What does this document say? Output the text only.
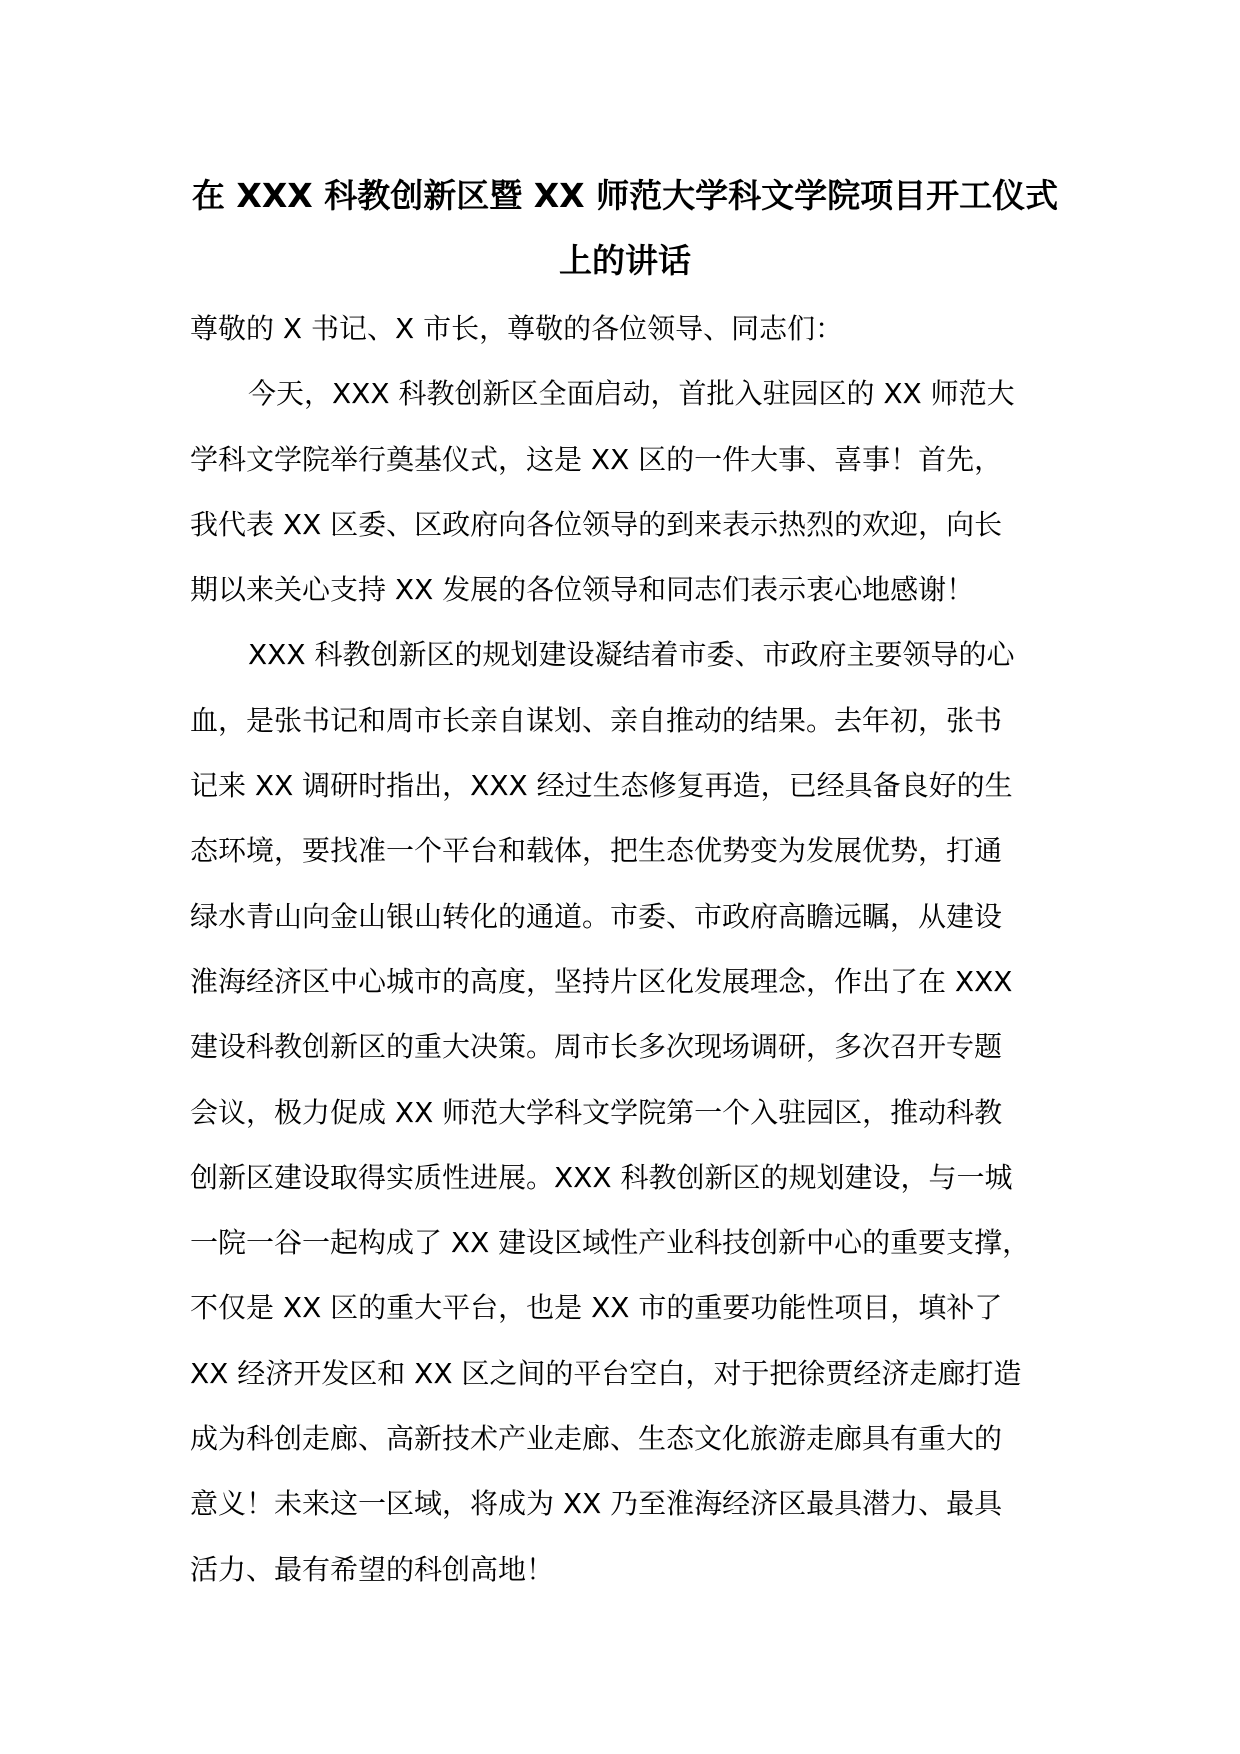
在 XXX 科教创新区暨 XX 师范大学科文学院项目开工仪式
上的讲话
尊敬的 X 书记、X 市长，尊敬的各位领导、同志们：
今天，XXX 科教创新区全面启动，首批入驻园区的 XX 师范大
学科文学院举行奠基仪式，这是 XX 区的一件大事、喜事！首先，
我代表 XX 区委、区政府向各位领导的到来表示热烈的欢迎，向长
期以来关心支持 XX 发展的各位领导和同志们表示衷心地感谢！
XXX 科教创新区的规划建设凝结着市委、市政府主要领导的心
血，是张书记和周市长亲自谋划、亲自推动的结果。去年初，张书
记来 XX 调研时指出，XXX 经过生态修复再造，已经具备良好的生
态环境，要找准一个平台和载体，把生态优势变为发展优势，打通
绿水青山向金山银山转化的通道。市委、市政府高瞻远瞩，从建设
淮海经济区中心城市的高度，坚持片区化发展理念，作出了在 XXX
建设科教创新区的重大决策。周市长多次现场调研，多次召开专题
会议，极力促成 XX 师范大学科文学院第一个入驻园区，推动科教
创新区建设取得实质性进展。XXX 科教创新区的规划建设，与一城
一院一谷一起构成了 XX 建设区域性产业科技创新中心的重要支撑，
不仅是 XX 区的重大平台，也是 XX 市的重要功能性项目，填补了
XX 经济开发区和 XX 区之间的平台空白，对于把徐贾经济走廊打造
成为科创走廊、高新技术产业走廊、生态文化旅游走廊具有重大的
意义！未来这一区域，将成为 XX 乃至淮海经济区最具潜力、最具
活力、最有希望的科创高地！
